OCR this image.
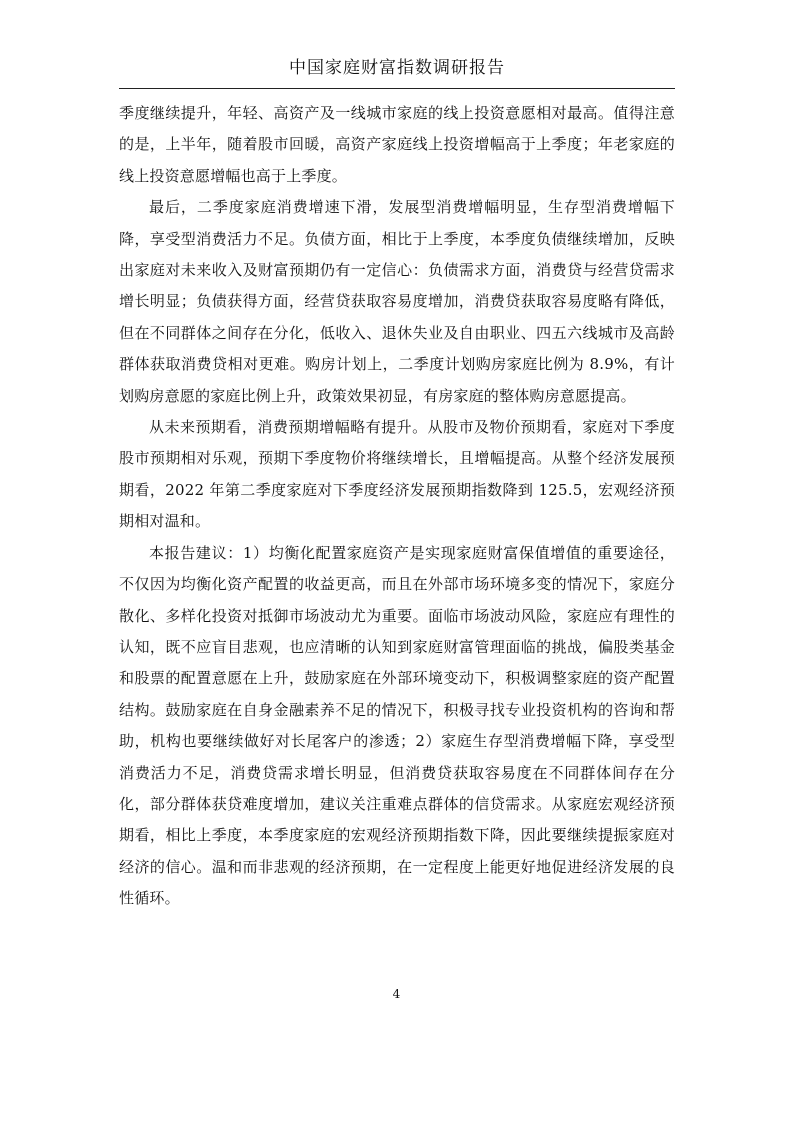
中国家庭财富指数调研报告

季度继续提升，年轻、高资产及一线城市家庭的线上投资意愿相对最高。值得注意的是，上半年，随着股市回暖，高资产家庭线上投资增幅高于上季度；年老家庭的线上投资意愿增幅也高于上季度。

最后，二季度家庭消费增速下滑，发展型消费增幅明显，生存型消费增幅下降，享受型消费活力不足。负债方面，相比于上季度，本季度负债继续增加，反映出家庭对未来收入及财富预期仍有一定信心：负债需求方面，消费贷与经营贷需求增长明显；负债获得方面，经营贷获取容易度增加，消费贷获取容易度略有降低，但在不同群体之间存在分化，低收入、退休失业及自由职业、四五六线城市及高龄群体获取消费贷相对更难。购房计划上，二季度计划购房家庭比例为 8.9%，有计划购房意愿的家庭比例上升，政策效果初显，有房家庭的整体购房意愿提高。

从未来预期看，消费预期增幅略有提升。从股市及物价预期看，家庭对下季度股市预期相对乐观，预期下季度物价将继续增长，且增幅提高。从整个经济发展预期看，2022 年第二季度家庭对下季度经济发展预期指数降到 125.5，宏观经济预期相对温和。

本报告建议：1）均衡化配置家庭资产是实现家庭财富保值增值的重要途径，不仅因为均衡化资产配置的收益更高，而且在外部市场环境多变的情况下，家庭分散化、多样化投资对抵御市场波动尤为重要。面临市场波动风险，家庭应有理性的认知，既不应盲目悲观，也应清晰的认知到家庭财富管理面临的挑战，偏股类基金和股票的配置意愿在上升，鼓励家庭在外部环境变动下，积极调整家庭的资产配置结构。鼓励家庭在自身金融素养不足的情况下，积极寻找专业投资机构的咨询和帮助，机构也要继续做好对长尾客户的渗透；2）家庭生存型消费增幅下降，享受型消费活力不足，消费贷需求增长明显，但消费贷获取容易度在不同群体间存在分化，部分群体获贷难度增加，建议关注重难点群体的信贷需求。从家庭宏观经济预期看，相比上季度，本季度家庭的宏观经济预期指数下降，因此要继续提振家庭对经济的信心。温和而非悲观的经济预期，在一定程度上能更好地促进经济发展的良性循环。

4
